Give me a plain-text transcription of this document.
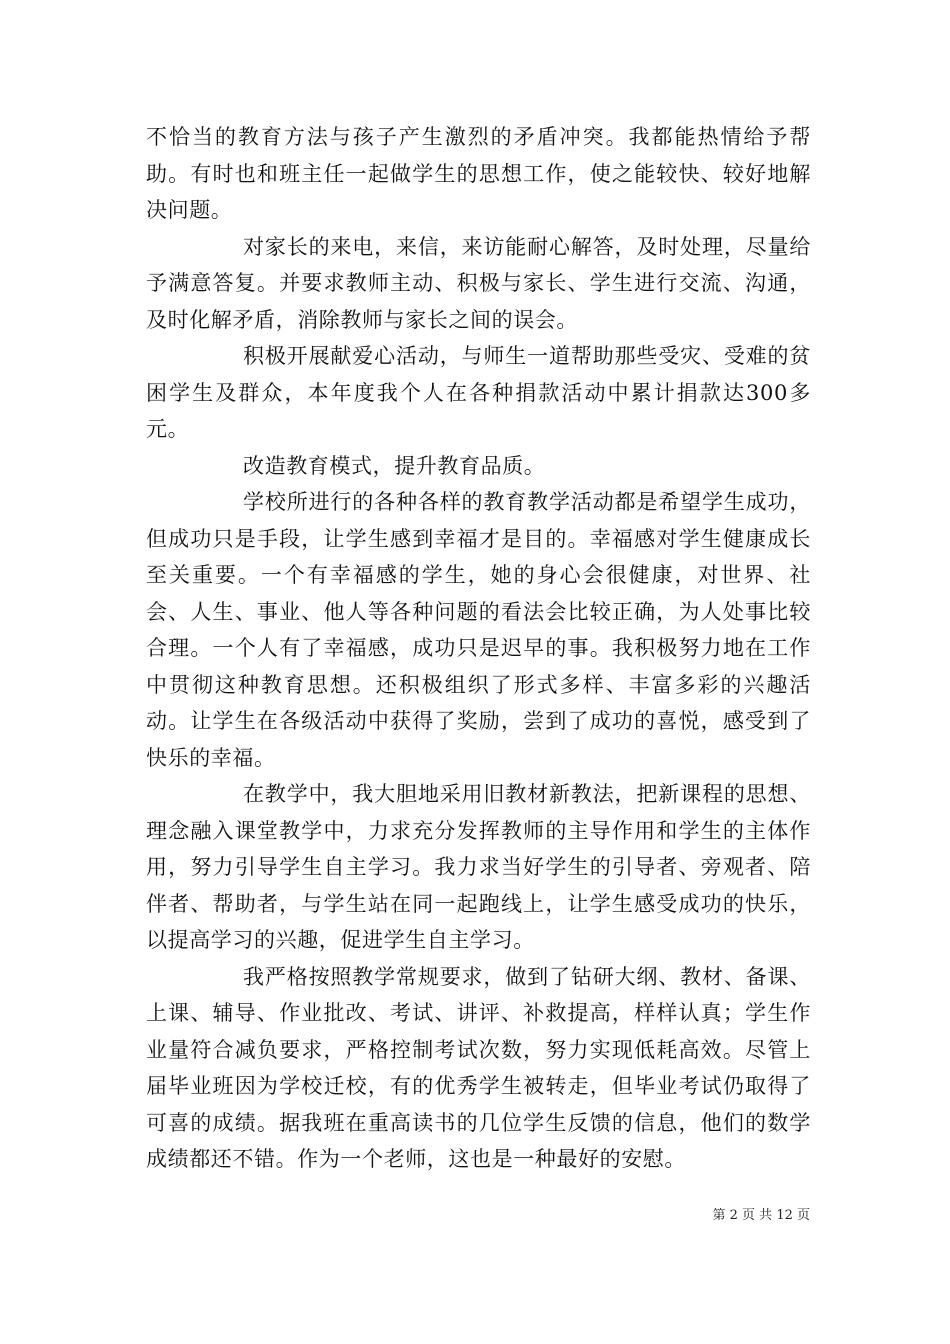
不恰当的教育方法与孩子产生激烈的矛盾冲突。我都能热情给予帮助。有时也和班主任一起做学生的思想工作，使之能较快、较好地解决问题。

对家长的来电，来信，来访能耐心解答，及时处理，尽量给予满意答复。并要求教师主动、积极与家长、学生进行交流、沟通，及时化解矛盾，消除教师与家长之间的误会。

积极开展献爱心活动，与师生一道帮助那些受灾、受难的贫困学生及群众，本年度我个人在各种捐款活动中累计捐款达300多元。

改造教育模式，提升教育品质。

学校所进行的各种各样的教育教学活动都是希望学生成功，但成功只是手段，让学生感到幸福才是目的。幸福感对学生健康成长至关重要。一个有幸福感的学生，她的身心会很健康，对世界、社会、人生、事业、他人等各种问题的看法会比较正确，为人处事比较合理。一个人有了幸福感，成功只是迟早的事。我积极努力地在工作中贯彻这种教育思想。还积极组织了形式多样、丰富多彩的兴趣活动。让学生在各级活动中获得了奖励，尝到了成功的喜悦，感受到了快乐的幸福。

在教学中，我大胆地采用旧教材新教法，把新课程的思想、理念融入课堂教学中，力求充分发挥教师的主导作用和学生的主体作用，努力引导学生自主学习。我力求当好学生的引导者、旁观者、陪伴者、帮助者，与学生站在同一起跑线上，让学生感受成功的快乐，以提高学习的兴趣，促进学生自主学习。

我严格按照教学常规要求，做到了钻研大纲、教材、备课、上课、辅导、作业批改、考试、讲评、补救提高，样样认真；学生作业量符合减负要求，严格控制考试次数，努力实现低耗高效。尽管上届毕业班因为学校迁校，有的优秀学生被转走，但毕业考试仍取得了可喜的成绩。据我班在重高读书的几位学生反馈的信息，他们的数学成绩都还不错。作为一个老师，这也是一种最好的安慰。

第 2 页 共 12 页
